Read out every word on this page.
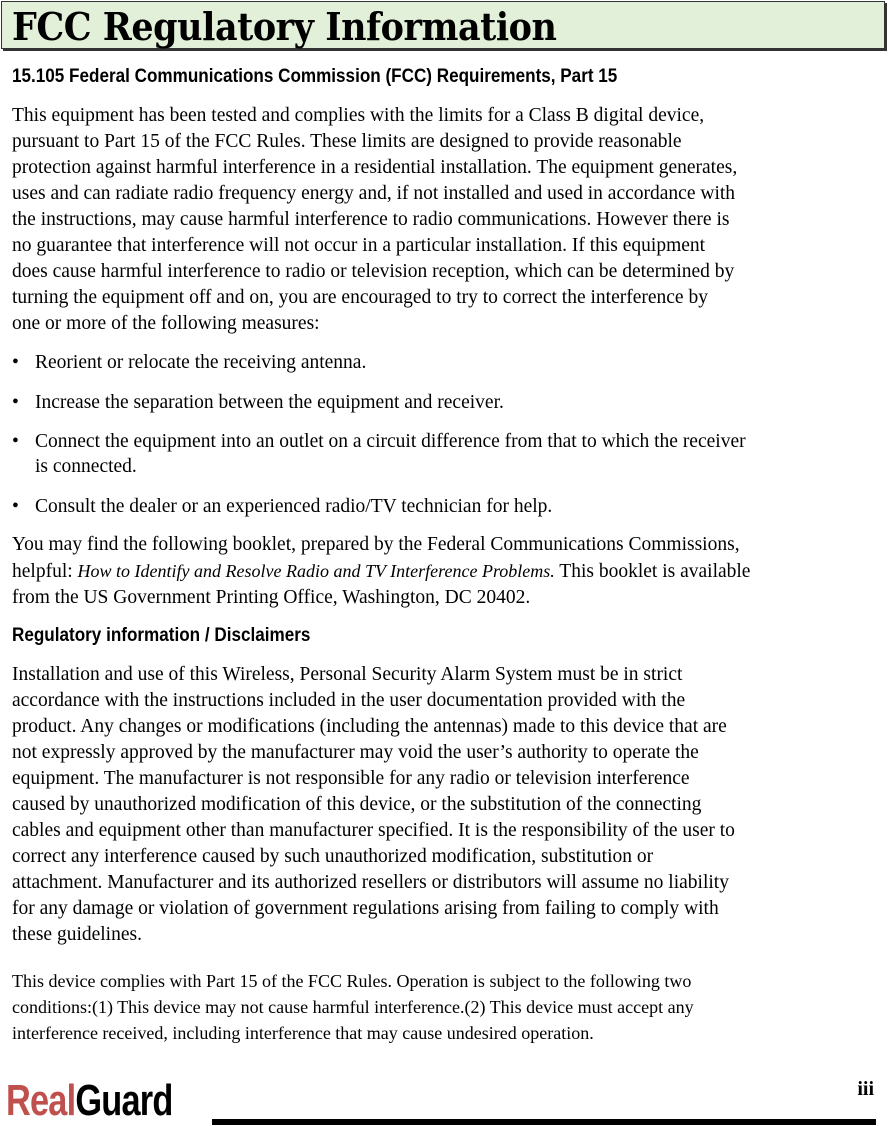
FCC Regulatory Information
15.105 Federal Communications Commission (FCC) Requirements, Part 15
This equipment has been tested and complies with the limits for a Class B digital device,
pursuant to Part 15 of the FCC Rules. These limits are designed to provide reasonable
protection against harmful interference in a residential installation. The equipment generates,
uses and can radiate radio frequency energy and, if not installed and used in accordance with
the instructions, may cause harmful interference to radio communications. However there is
no guarantee that interference will not occur in a particular installation. If this equipment
does cause harmful interference to radio or television reception, which can be determined by
turning the equipment off and on, you are encouraged to try to correct the interference by
one or more of the following measures:
• Reorient or relocate the receiving antenna.
• Increase the separation between the equipment and receiver.
• Connect the equipment into an outlet on a circuit difference from that to which the receiver
is connected.
• Consult the dealer or an experienced radio/TV technician for help.
You may find the following booklet, prepared by the Federal Communications Commissions,
helpful: How to Identify and Resolve Radio and TV Interference Problems. This booklet is available
from the US Government Printing Office, Washington, DC 20402.
Regulatory information / Disclaimers
Installation and use of this Wireless, Personal Security Alarm System must be in strict
accordance with the instructions included in the user documentation provided with the
product. Any changes or modifications (including the antennas) made to this device that are
not expressly approved by the manufacturer may void the user’s authority to operate the
equipment. The manufacturer is not responsible for any radio or television interference
caused by unauthorized modification of this device, or the substitution of the connecting
cables and equipment other than manufacturer specified. It is the responsibility of the user to
correct any interference caused by such unauthorized modification, substitution or
attachment. Manufacturer and its authorized resellers or distributors will assume no liability
for any damage or violation of government regulations arising from failing to comply with
these guidelines.
This device complies with Part 15 of the FCC Rules. Operation is subject to the following two
conditions:(1) This device may not cause harmful interference.(2) This device must accept any
interference received, including interference that may cause undesired operation.
RealGuard	iii
